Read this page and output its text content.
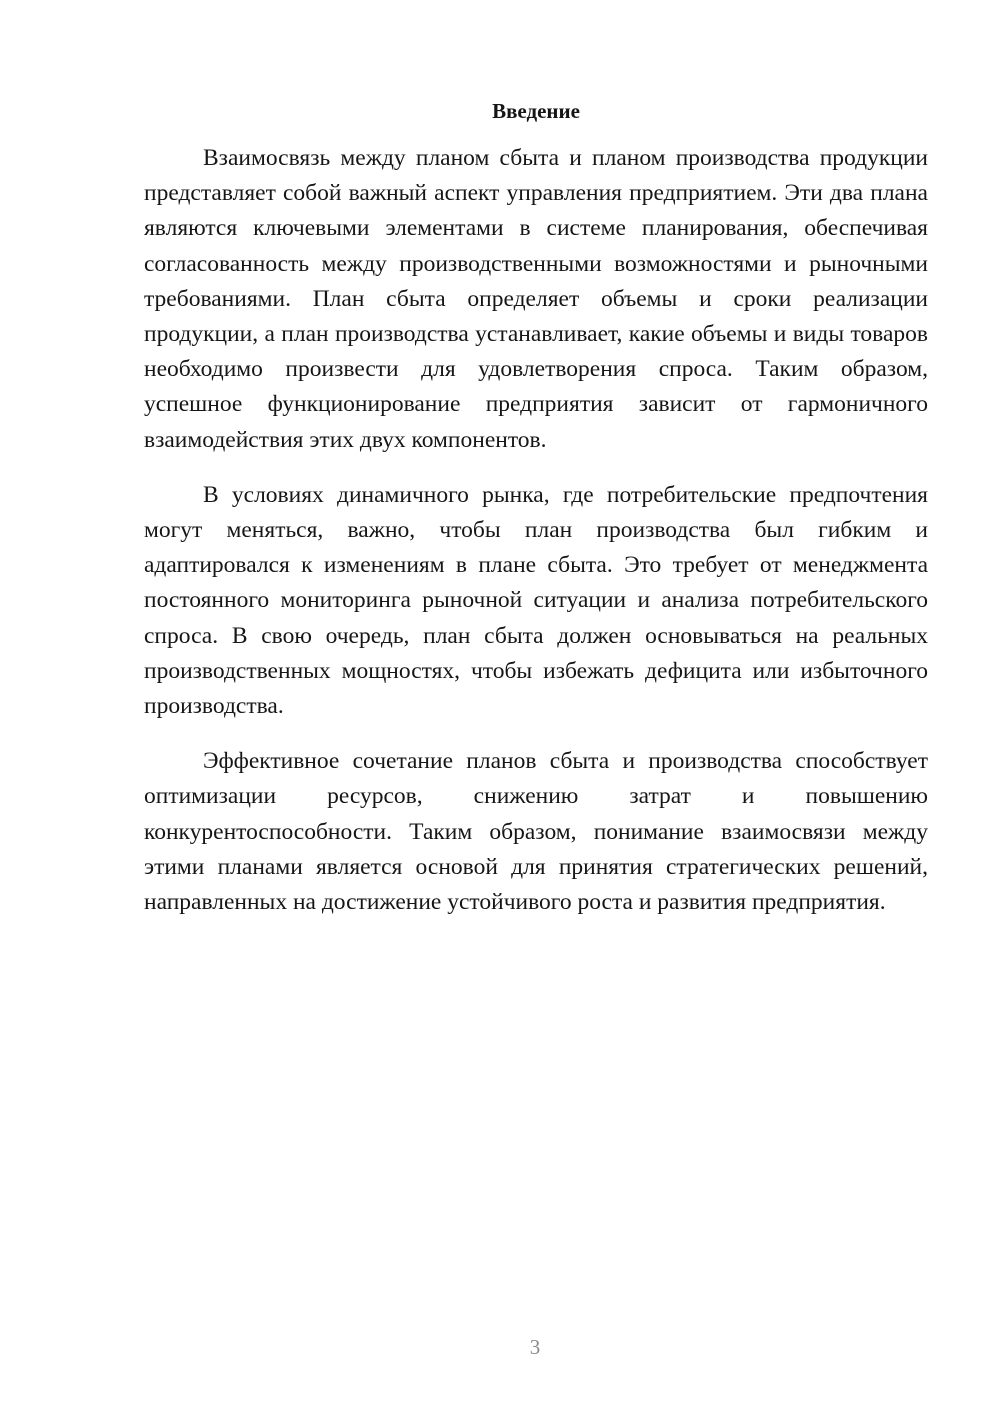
Введение

Взаимосвязь между планом сбыта и планом производства продукции представляет собой важный аспект управления предприятием. Эти два плана являются ключевыми элементами в системе планирования, обеспечивая согласованность между производственными возможностями и рыночными требованиями. План сбыта определяет объемы и сроки реализации продукции, а план производства устанавливает, какие объемы и виды товаров необходимо произвести для удовлетворения спроса. Таким образом, успешное функционирование предприятия зависит от гармоничного взаимодействия этих двух компонентов.

В условиях динамичного рынка, где потребительские предпочтения могут меняться, важно, чтобы план производства был гибким и адаптировался к изменениям в плане сбыта. Это требует от менеджмента постоянного мониторинга рыночной ситуации и анализа потребительского спроса. В свою очередь, план сбыта должен основываться на реальных производственных мощностях, чтобы избежать дефицита или избыточного производства.

Эффективное сочетание планов сбыта и производства способствует оптимизации ресурсов, снижению затрат и повышению конкурентоспособности. Таким образом, понимание взаимосвязи между этими планами является основой для принятия стратегических решений, направленных на достижение устойчивого роста и развития предприятия.

3
